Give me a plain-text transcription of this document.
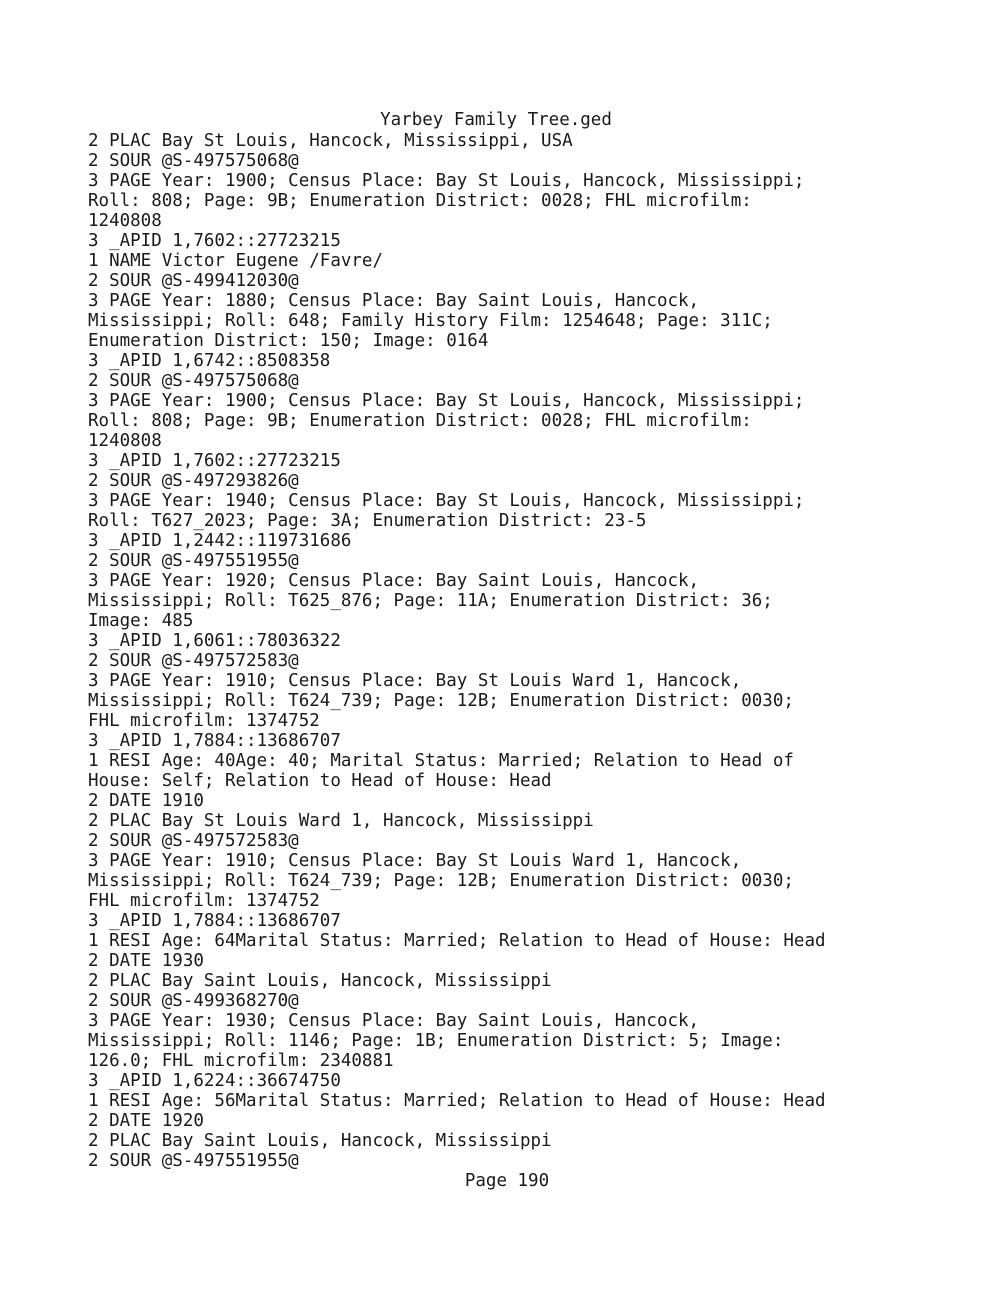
Yarbey Family Tree.ged
2 PLAC Bay St Louis, Hancock, Mississippi, USA
2 SOUR @S-497575068@
3 PAGE Year: 1900; Census Place: Bay St Louis, Hancock, Mississippi;
Roll: 808; Page: 9B; Enumeration District: 0028; FHL microfilm:
1240808
3 _APID 1,7602::27723215
1 NAME Victor Eugene /Favre/
2 SOUR @S-499412030@
3 PAGE Year: 1880; Census Place: Bay Saint Louis, Hancock,
Mississippi; Roll: 648; Family History Film: 1254648; Page: 311C;
Enumeration District: 150; Image: 0164
3 _APID 1,6742::8508358
2 SOUR @S-497575068@
3 PAGE Year: 1900; Census Place: Bay St Louis, Hancock, Mississippi;
Roll: 808; Page: 9B; Enumeration District: 0028; FHL microfilm:
1240808
3 _APID 1,7602::27723215
2 SOUR @S-497293826@
3 PAGE Year: 1940; Census Place: Bay St Louis, Hancock, Mississippi;
Roll: T627_2023; Page: 3A; Enumeration District: 23-5
3 _APID 1,2442::119731686
2 SOUR @S-497551955@
3 PAGE Year: 1920; Census Place: Bay Saint Louis, Hancock,
Mississippi; Roll: T625_876; Page: 11A; Enumeration District: 36;
Image: 485
3 _APID 1,6061::78036322
2 SOUR @S-497572583@
3 PAGE Year: 1910; Census Place: Bay St Louis Ward 1, Hancock,
Mississippi; Roll: T624_739; Page: 12B; Enumeration District: 0030;
FHL microfilm: 1374752
3 _APID 1,7884::13686707
1 RESI Age: 40Age: 40; Marital Status: Married; Relation to Head of
House: Self; Relation to Head of House: Head
2 DATE 1910
2 PLAC Bay St Louis Ward 1, Hancock, Mississippi
2 SOUR @S-497572583@
3 PAGE Year: 1910; Census Place: Bay St Louis Ward 1, Hancock,
Mississippi; Roll: T624_739; Page: 12B; Enumeration District: 0030;
FHL microfilm: 1374752
3 _APID 1,7884::13686707
1 RESI Age: 64Marital Status: Married; Relation to Head of House: Head
2 DATE 1930
2 PLAC Bay Saint Louis, Hancock, Mississippi
2 SOUR @S-499368270@
3 PAGE Year: 1930; Census Place: Bay Saint Louis, Hancock,
Mississippi; Roll: 1146; Page: 1B; Enumeration District: 5; Image:
126.0; FHL microfilm: 2340881
3 _APID 1,6224::36674750
1 RESI Age: 56Marital Status: Married; Relation to Head of House: Head
2 DATE 1920
2 PLAC Bay Saint Louis, Hancock, Mississippi
2 SOUR @S-497551955@
Page 190
